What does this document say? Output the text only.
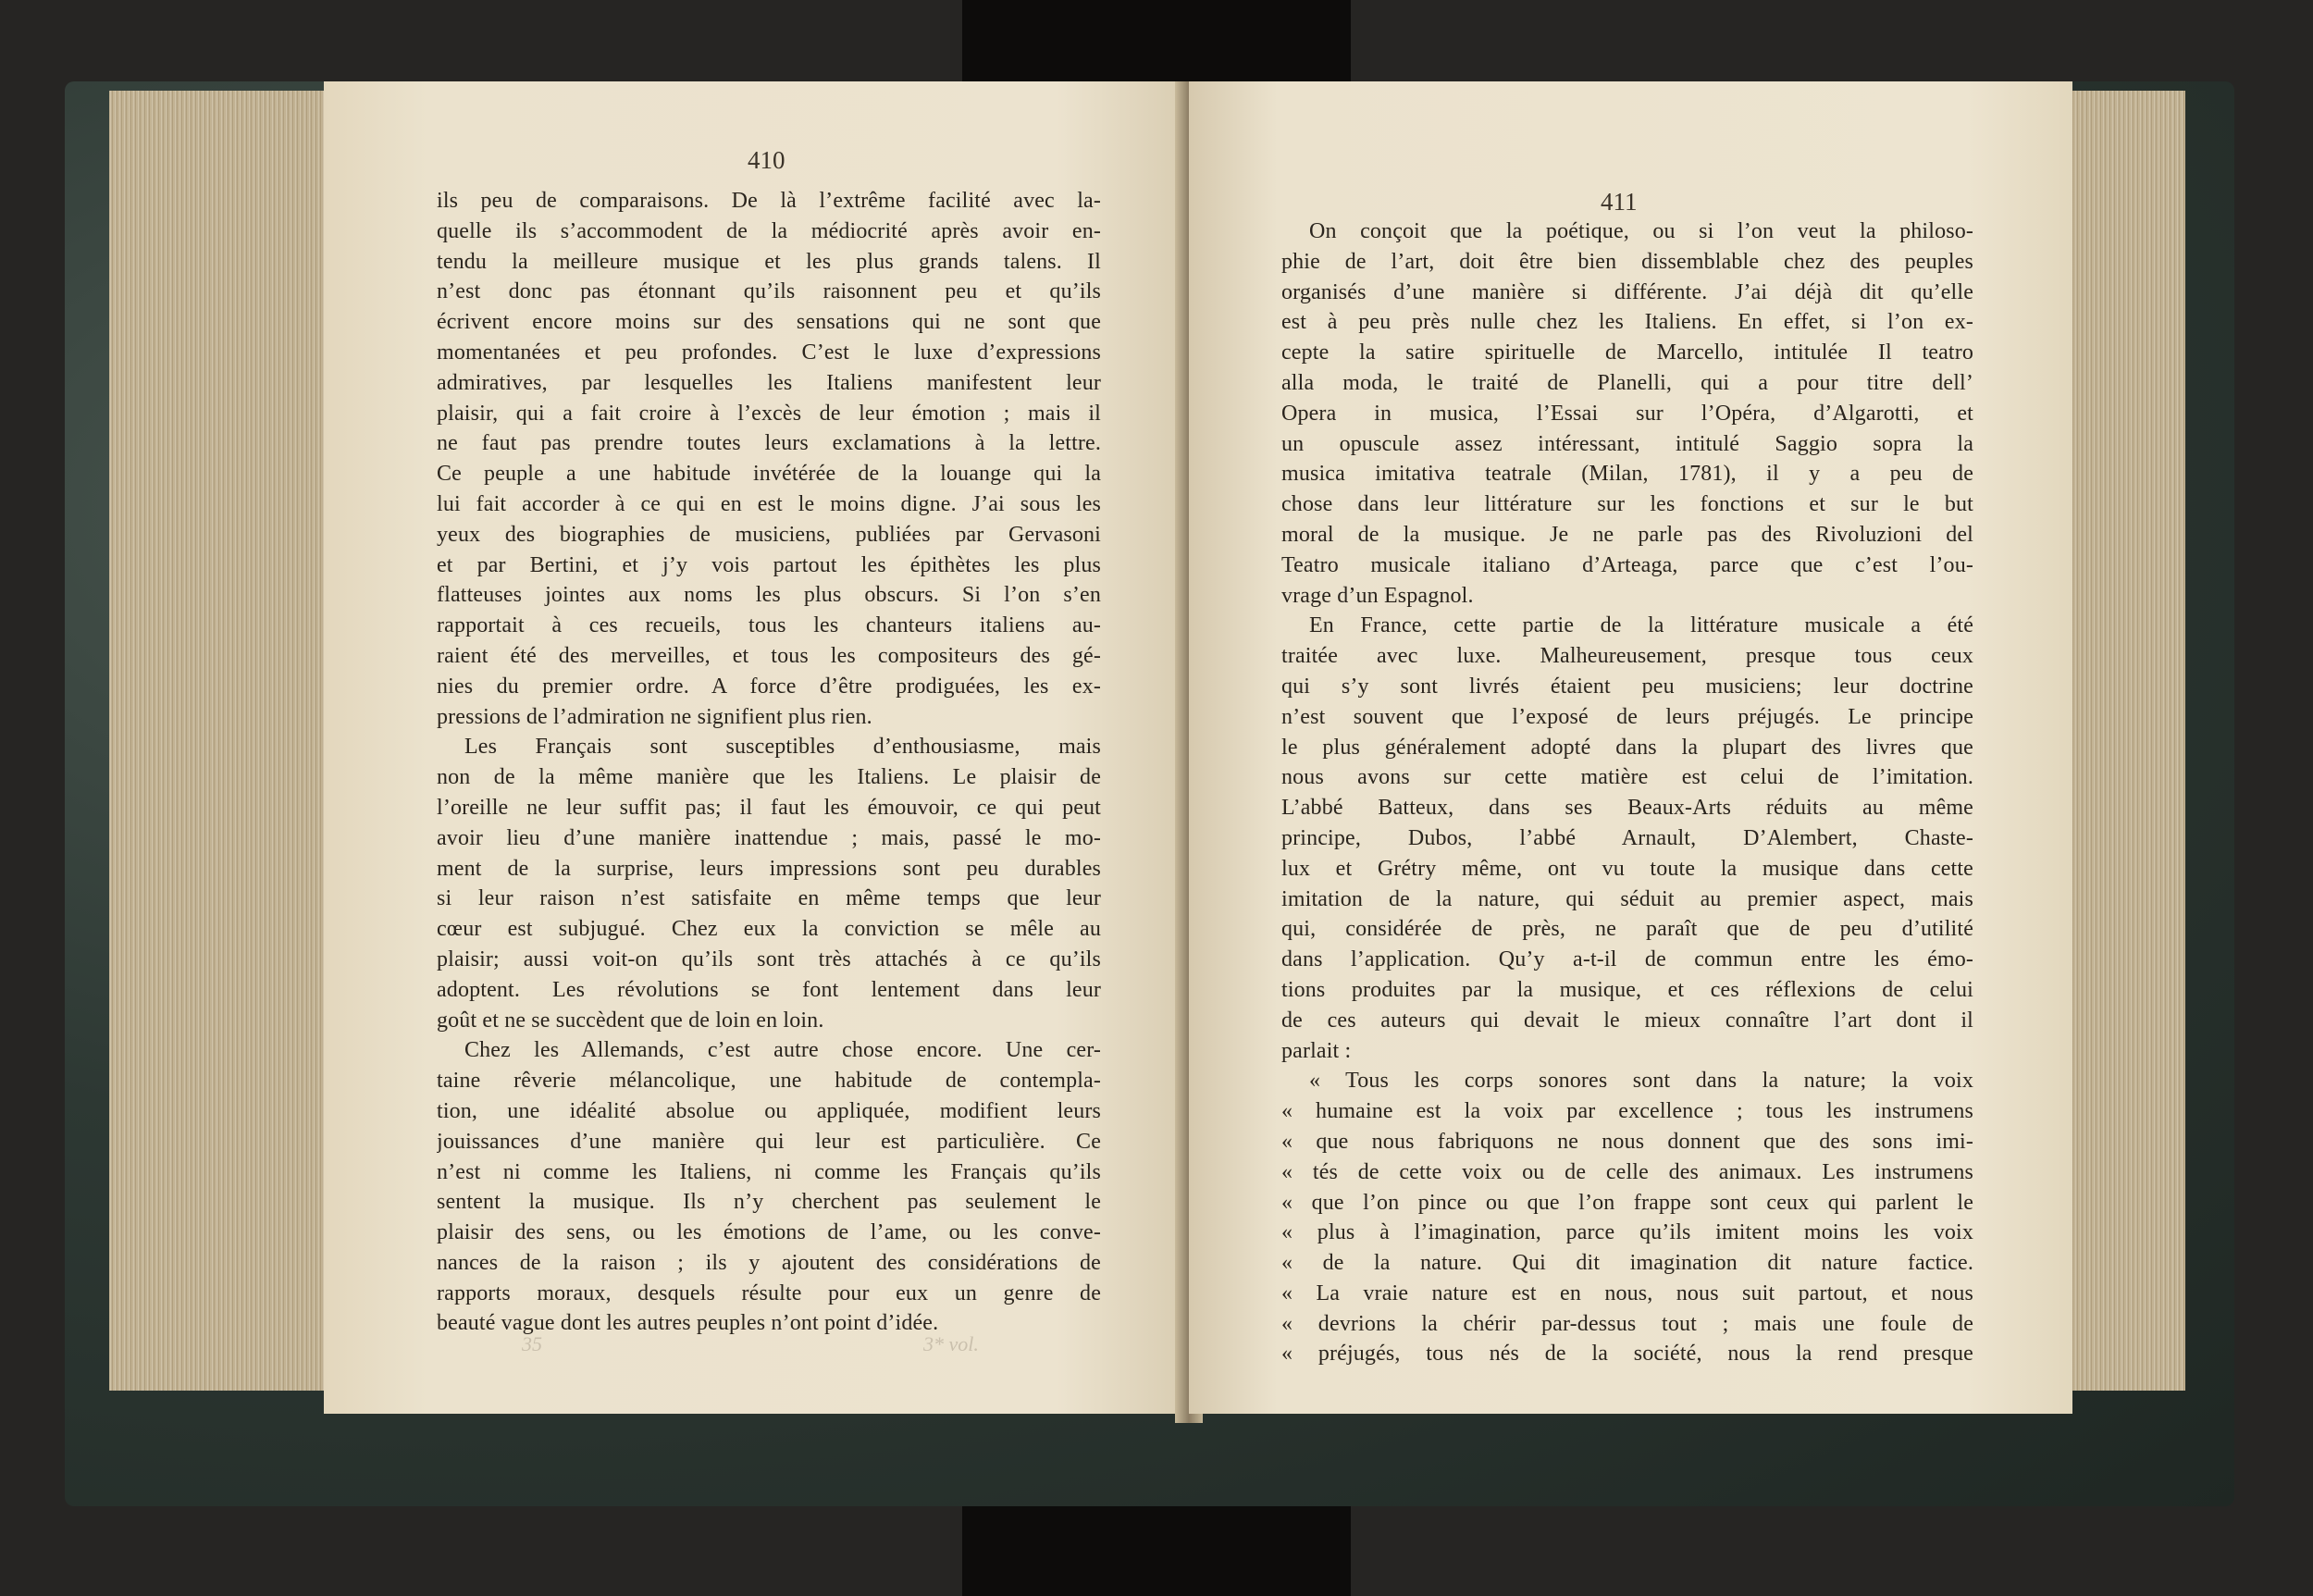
410
ils peu de comparaisons. De là l’extrême facilité avec la-
quelle ils s’accommodent de la médiocrité après avoir en-
tendu la meilleure musique et les plus grands talens. Il
n’est donc pas étonnant qu’ils raisonnent peu et qu’ils
écrivent encore moins sur des sensations qui ne sont que
momentanées et peu profondes. C’est le luxe d’expressions
admiratives, par lesquelles les Italiens manifestent leur
plaisir, qui a fait croire à l’excès de leur émotion ; mais il
ne faut pas prendre toutes leurs exclamations à la lettre.
Ce peuple a une habitude invétérée de la louange qui la
lui fait accorder à ce qui en est le moins digne. J’ai sous les
yeux des biographies de musiciens, publiées par Gervasoni
et par Bertini, et j’y vois partout les épithètes les plus
flatteuses jointes aux noms les plus obscurs. Si l’on s’en
rapportait à ces recueils, tous les chanteurs italiens au-
raient été des merveilles, et tous les compositeurs des gé-
nies du premier ordre. A force d’être prodiguées, les ex-
pressions de l’admiration ne signifient plus rien.
Les Français sont susceptibles d’enthousiasme, mais
non de la même manière que les Italiens. Le plaisir de
l’oreille ne leur suffit pas; il faut les émouvoir, ce qui peut
avoir lieu d’une manière inattendue ; mais, passé le mo-
ment de la surprise, leurs impressions sont peu durables
si leur raison n’est satisfaite en même temps que leur
cœur est subjugué. Chez eux la conviction se mêle au
plaisir; aussi voit-on qu’ils sont très attachés à ce qu’ils
adoptent. Les révolutions se font lentement dans leur
goût et ne se succèdent que de loin en loin.
Chez les Allemands, c’est autre chose encore. Une cer-
taine rêverie mélancolique, une habitude de contempla-
tion, une idéalité absolue ou appliquée, modifient leurs
jouissances d’une manière qui leur est particulière. Ce
n’est ni comme les Italiens, ni comme les Français qu’ils
sentent la musique. Ils n’y cherchent pas seulement le
plaisir des sens, ou les émotions de l’ame, ou les conve-
nances de la raison ; ils y ajoutent des considérations de
rapports moraux, desquels résulte pour eux un genre de
beauté vague dont les autres peuples n’ont point d’idée.
35	3* vol.
411
On conçoit que la poétique, ou si l’on veut la philoso-
phie de l’art, doit être bien dissemblable chez des peuples
organisés d’une manière si différente. J’ai déjà dit qu’elle
est à peu près nulle chez les Italiens. En effet, si l’on ex-
cepte la satire spirituelle de Marcello, intitulée Il teatro
alla moda, le traité de Planelli, qui a pour titre dell’
Opera in musica, l’Essai sur l’Opéra, d’Algarotti, et
un opuscule assez intéressant, intitulé Saggio sopra la
musica imitativa teatrale (Milan, 1781), il y a peu de
chose dans leur littérature sur les fonctions et sur le but
moral de la musique. Je ne parle pas des Rivoluzioni del
Teatro musicale italiano d’Arteaga, parce que c’est l’ou-
vrage d’un Espagnol.
En France, cette partie de la littérature musicale a été
traitée avec luxe. Malheureusement, presque tous ceux
qui s’y sont livrés étaient peu musiciens; leur doctrine
n’est souvent que l’exposé de leurs préjugés. Le principe
le plus généralement adopté dans la plupart des livres que
nous avons sur cette matière est celui de l’imitation.
L’abbé Batteux, dans ses Beaux-Arts réduits au même
principe, Dubos, l’abbé Arnault, D’Alembert, Chaste-
lux et Grétry même, ont vu toute la musique dans cette
imitation de la nature, qui séduit au premier aspect, mais
qui, considérée de près, ne paraît que de peu d’utilité
dans l’application. Qu’y a-t-il de commun entre les émo-
tions produites par la musique, et ces réflexions de celui
de ces auteurs qui devait le mieux connaître l’art dont il
parlait :
« Tous les corps sonores sont dans la nature; la voix
« humaine est la voix par excellence ; tous les instrumens
« que nous fabriquons ne nous donnent que des sons imi-
« tés de cette voix ou de celle des animaux. Les instrumens
« que l’on pince ou que l’on frappe sont ceux qui parlent le
« plus à l’imagination, parce qu’ils imitent moins les voix
« de la nature. Qui dit imagination dit nature factice.
« La vraie nature est en nous, nous suit partout, et nous
« devrions la chérir par-dessus tout ; mais une foule de
« préjugés, tous nés de la société, nous la rend presque
